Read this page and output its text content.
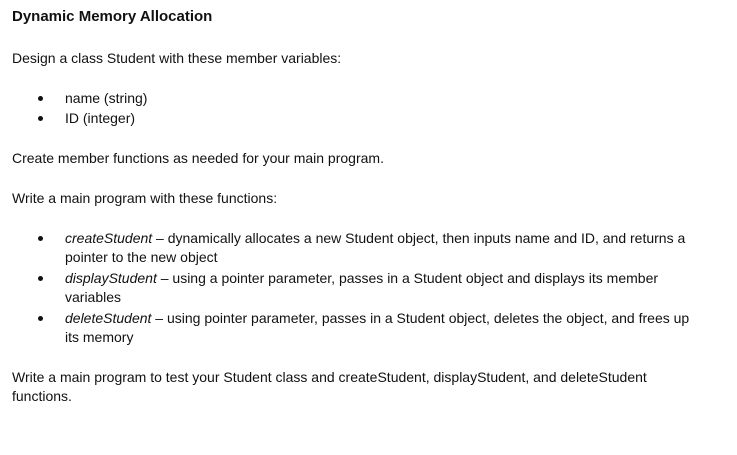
Dynamic Memory Allocation

Design a class Student with these member variables:

name (string)
ID (integer)

Create member functions as needed for your main program.

Write a main program with these functions:

createStudent – dynamically allocates a new Student object, then inputs name and ID, and returns a pointer to the new object
displayStudent – using a pointer parameter, passes in a Student object and displays its member variables
deleteStudent – using pointer parameter, passes in a Student object, deletes the object, and frees up its memory

Write a main program to test your Student class and createStudent, displayStudent, and deleteStudent functions.
